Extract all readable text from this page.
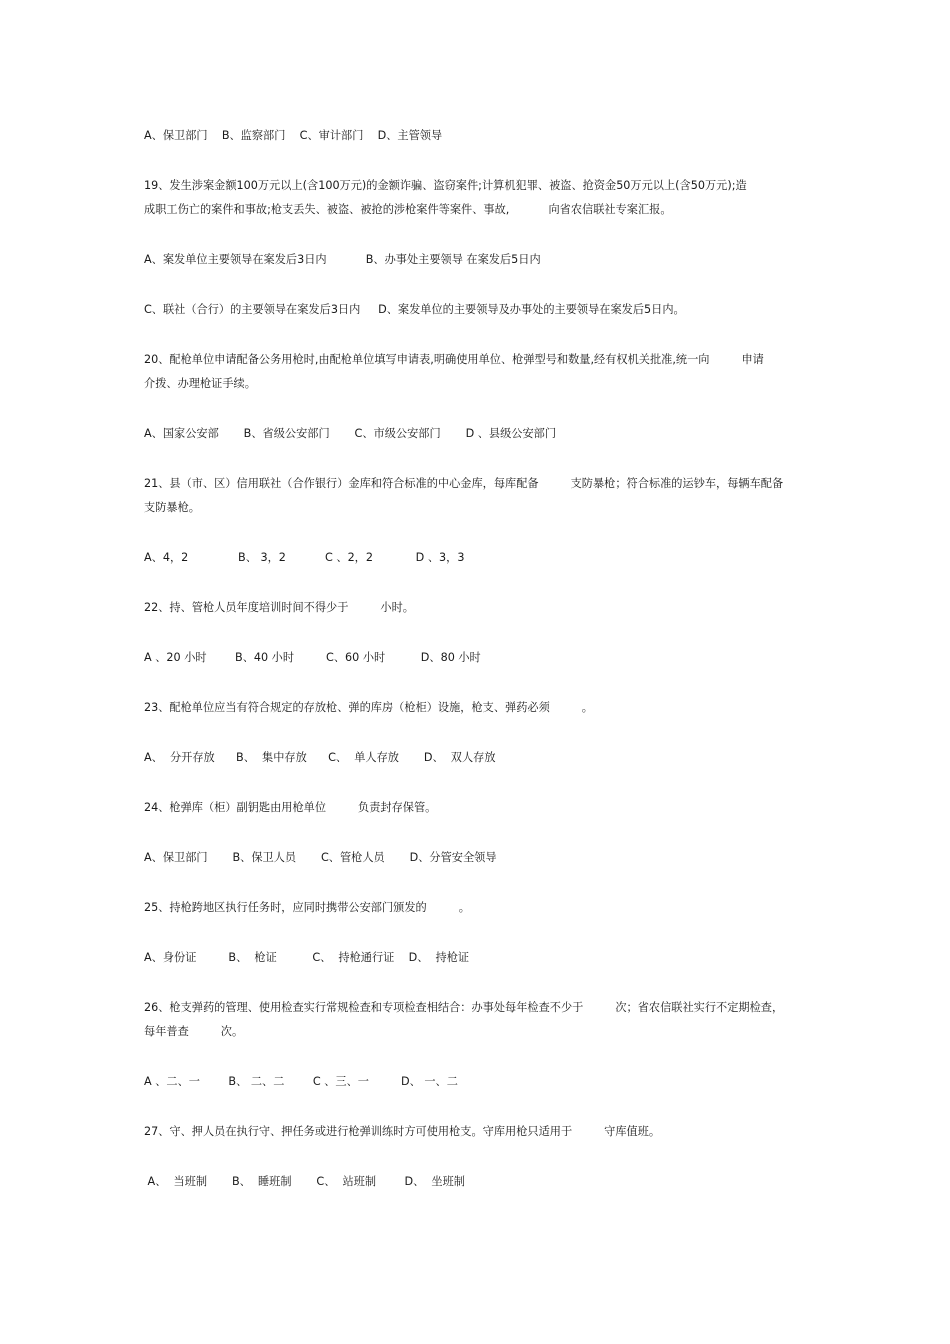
A、保卫部门    B、监察部门    C、审计部门    D、主管领导
19、发生涉案金额100万元以上(含100万元)的金额诈骗、盗窃案件;计算机犯罪、被盗、抢资金50万元以上(含50万元);造
成职工伤亡的案件和事故;枪支丢失、被盗、被抢的涉枪案件等案件、事故,           向省农信联社专案汇报。
A、案发单位主要领导在案发后3日内           B、办事处主要领导 在案发后5日内
C、联社（合行）的主要领导在案发后3日内     D、案发单位的主要领导及办事处的主要领导在案发后5日内。
20、配枪单位申请配备公务用枪时,由配枪单位填写申请表,明确使用单位、枪弹型号和数量,经有权机关批准,统一向         申请
介拨、办理枪证手续。
A、国家公安部       B、省级公安部门       C、市级公安部门       D 、县级公安部门
21、县（市、区）信用联社（合作银行）金库和符合标准的中心金库，每库配备         支防暴枪；符合标准的运钞车，每辆车配备
支防暴枪。
A、4，2              B、 3，2           C 、2，2            D 、3，3
22、持、管枪人员年度培训时间不得少于         小时。
A 、20 小时        B、40 小时         C、60 小时          D、80 小时
23、配枪单位应当有符合规定的存放枪、弹的库房（枪柜）设施，枪支、弹药必须         。
A、  分开存放      B、  集中存放      C、  单人存放       D、  双人存放
24、枪弹库（柜）副钥匙由用枪单位         负责封存保管。
A、保卫部门       B、保卫人员       C、管枪人员       D、分管安全领导
25、持枪跨地区执行任务时，应同时携带公安部门颁发的         。
A、身份证         B、  枪证          C、  持枪通行证    D、  持枪证
26、枪支弹药的管理、使用检查实行常规检查和专项检查相结合：办事处每年检查不少于         次；省农信联社实行不定期检查，
每年普查         次。
A 、二、一        B、 二、二        C 、三、一         D、 一、二
27、守、押人员在执行守、押任务或进行枪弹训练时方可使用枪支。守库用枪只适用于         守库值班。
A、  当班制       B、  睡班制       C、  站班制        D、  坐班制
